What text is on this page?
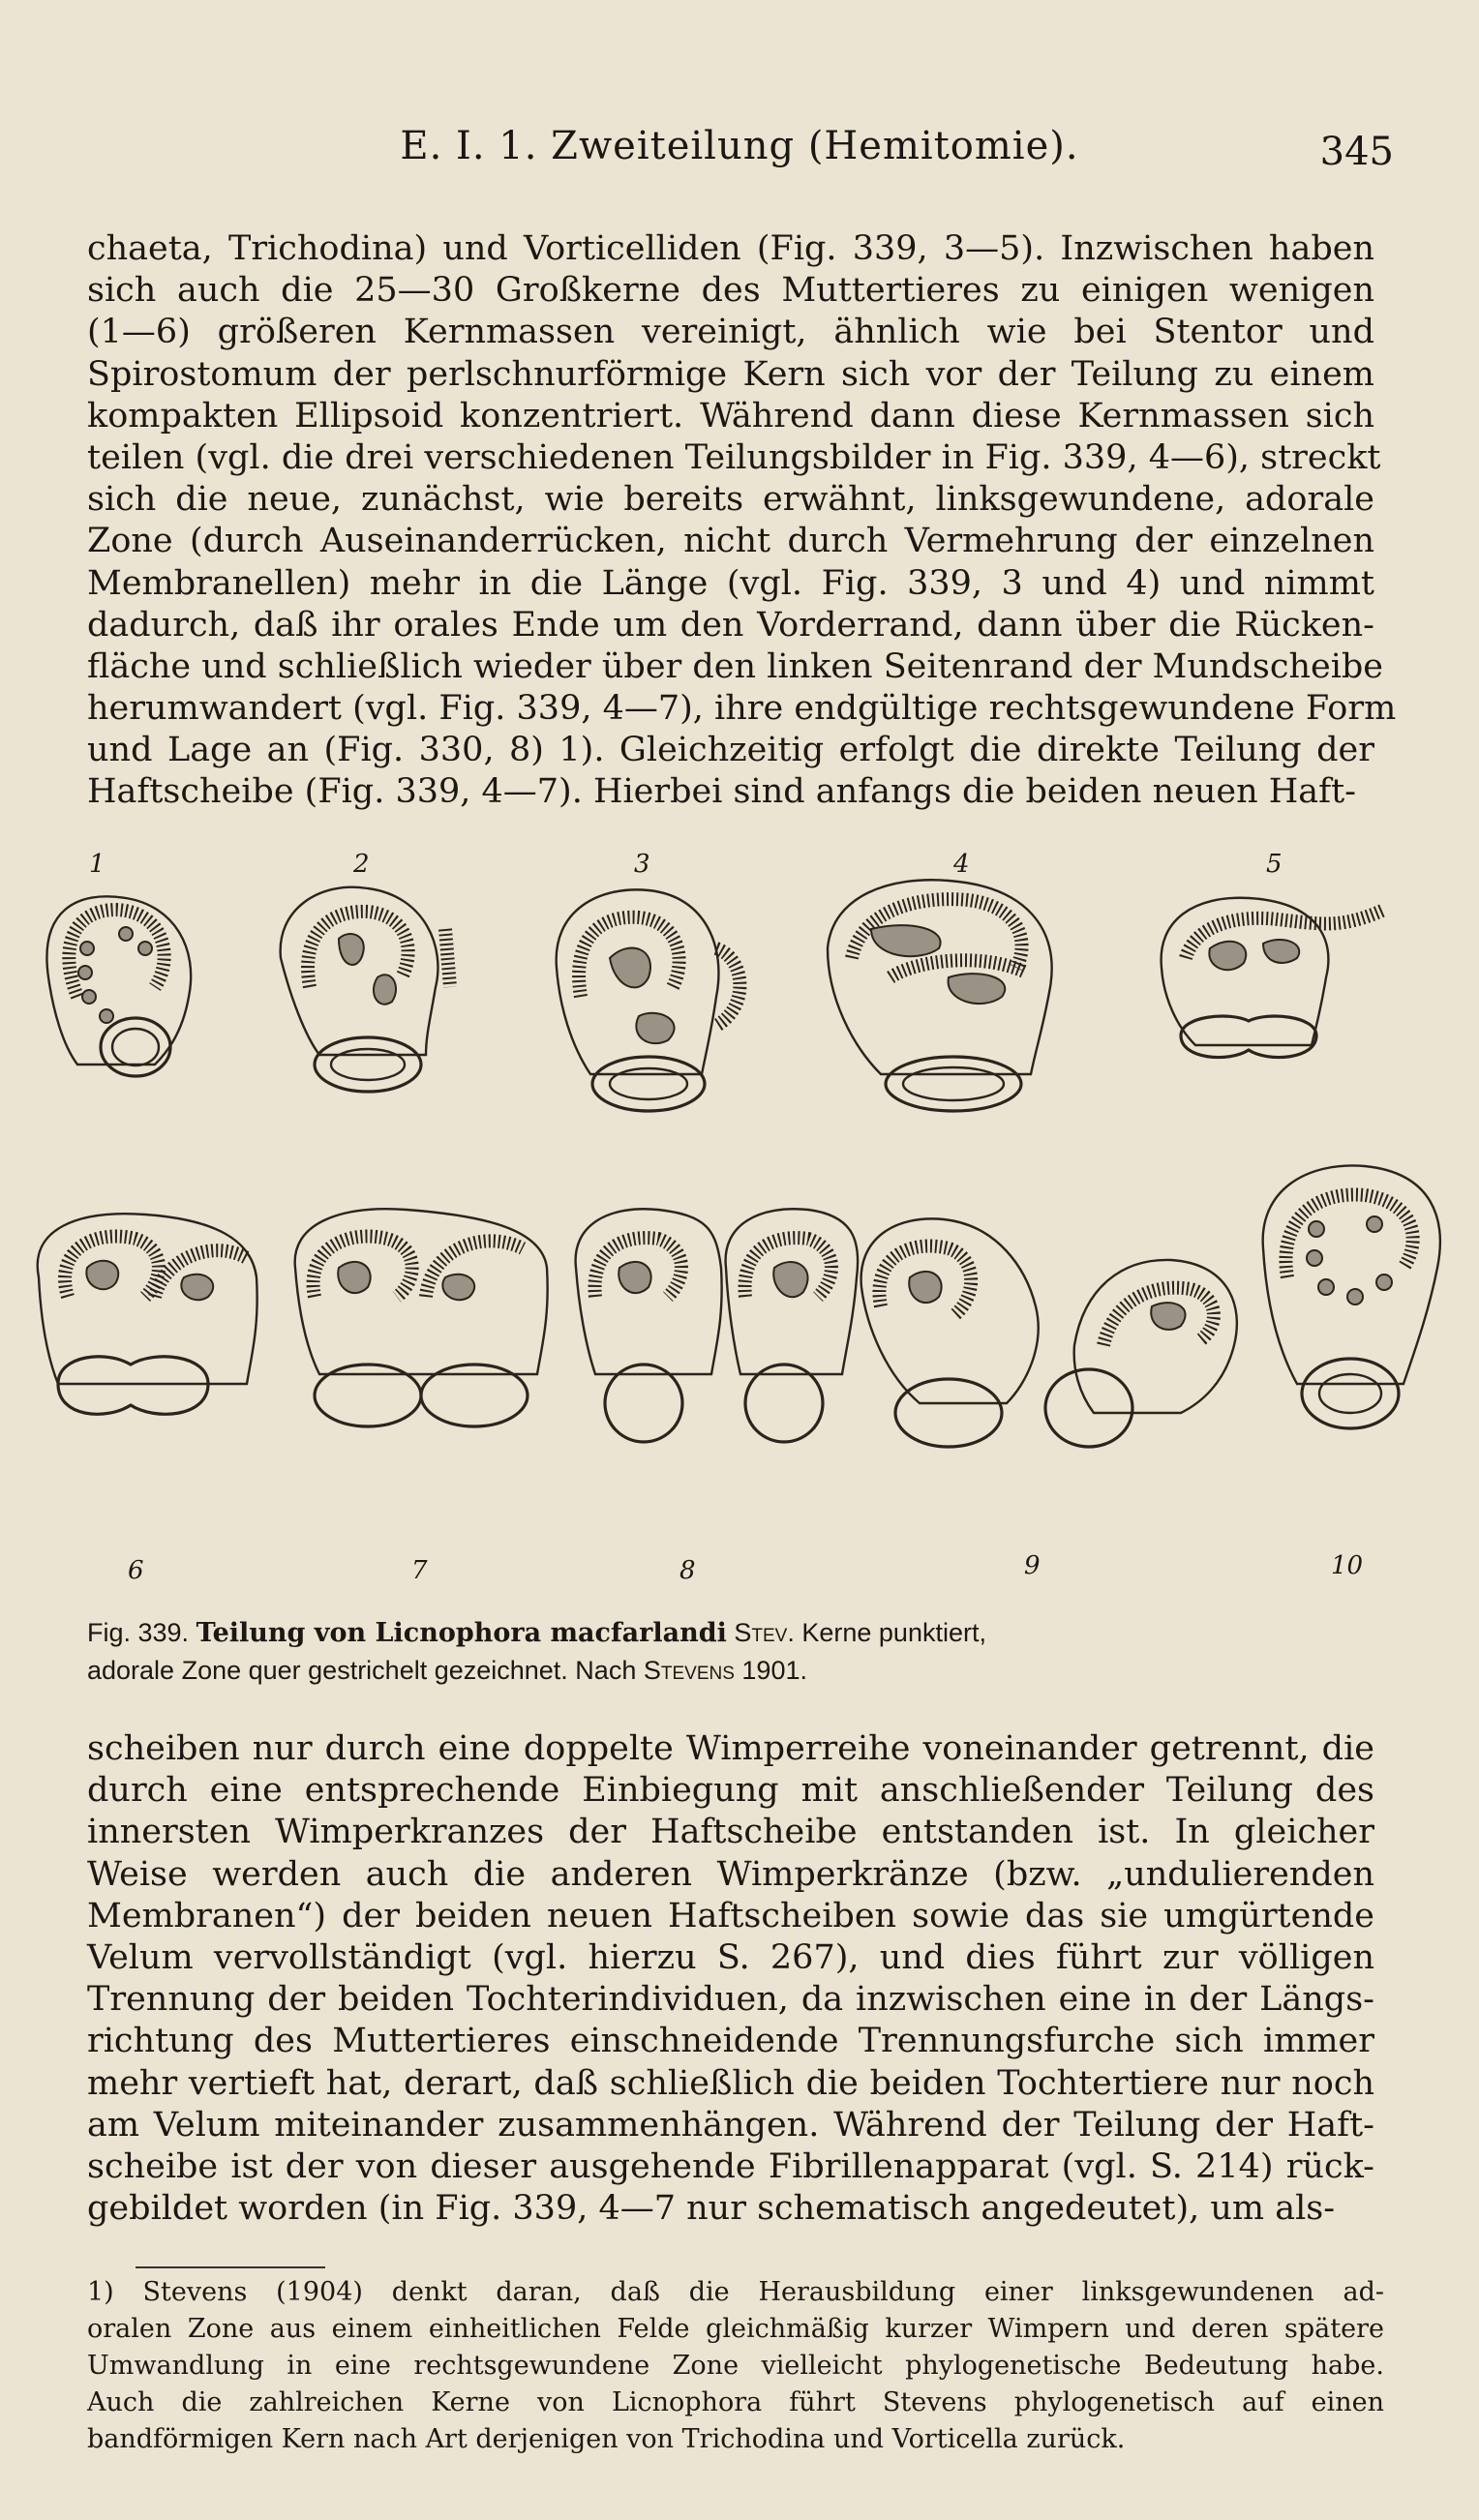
E. I. 1. Zweiteilung (Hemitomie).	345
chaeta, Trichodina) und Vorticelliden (Fig. 339, 3—5). Inzwischen haben
sich auch die 25—30 Großkerne des Muttertieres zu einigen wenigen
(1—6) größeren Kernmassen vereinigt, ähnlich wie bei Stentor und
Spirostomum der perlschnurförmige Kern sich vor der Teilung zu einem
kompakten Ellipsoid konzentriert. Während dann diese Kernmassen sich
teilen (vgl. die drei verschiedenen Teilungsbilder in Fig. 339, 4—6), streckt
sich die neue, zunächst, wie bereits erwähnt, linksgewundene, adorale
Zone (durch Auseinanderrücken, nicht durch Vermehrung der einzelnen
Membranellen) mehr in die Länge (vgl. Fig. 339, 3 und 4) und nimmt
dadurch, daß ihr orales Ende um den Vorderrand, dann über die Rücken-
fläche und schließlich wieder über den linken Seitenrand der Mundscheibe
herumwandert (vgl. Fig. 339, 4—7), ihre endgültige rechtsgewundene Form
und Lage an (Fig. 330, 8) 1). Gleichzeitig erfolgt die direkte Teilung der
Haftscheibe (Fig. 339, 4—7). Hierbei sind anfangs die beiden neuen Haft-
1	2	3	4	5
6	7	8	9	10
Fig. 339. Teilung von Licnophora macfarlandi Stev. Kerne punktiert,
adorale Zone quer gestrichelt gezeichnet. Nach Stevens 1901.
scheiben nur durch eine doppelte Wimperreihe voneinander getrennt, die
durch eine entsprechende Einbiegung mit anschließender Teilung des
innersten Wimperkranzes der Haftscheibe entstanden ist. In gleicher
Weise werden auch die anderen Wimperkränze (bzw. „undulierenden
Membranen“) der beiden neuen Haftscheiben sowie das sie umgürtende
Velum vervollständigt (vgl. hierzu S. 267), und dies führt zur völligen
Trennung der beiden Tochterindividuen, da inzwischen eine in der Längs-
richtung des Muttertieres einschneidende Trennungsfurche sich immer
mehr vertieft hat, derart, daß schließlich die beiden Tochtertiere nur noch
am Velum miteinander zusammenhängen. Während der Teilung der Haft-
scheibe ist der von dieser ausgehende Fibrillenapparat (vgl. S. 214) rück-
gebildet worden (in Fig. 339, 4—7 nur schematisch angedeutet), um als-
1) Stevens (1904) denkt daran, daß die Herausbildung einer linksgewundenen ad-
oralen Zone aus einem einheitlichen Felde gleichmäßig kurzer Wimpern und deren spätere
Umwandlung in eine rechtsgewundene Zone vielleicht phylogenetische Bedeutung habe.
Auch die zahlreichen Kerne von Licnophora führt Stevens phylogenetisch auf einen
bandförmigen Kern nach Art derjenigen von Trichodina und Vorticella zurück.
